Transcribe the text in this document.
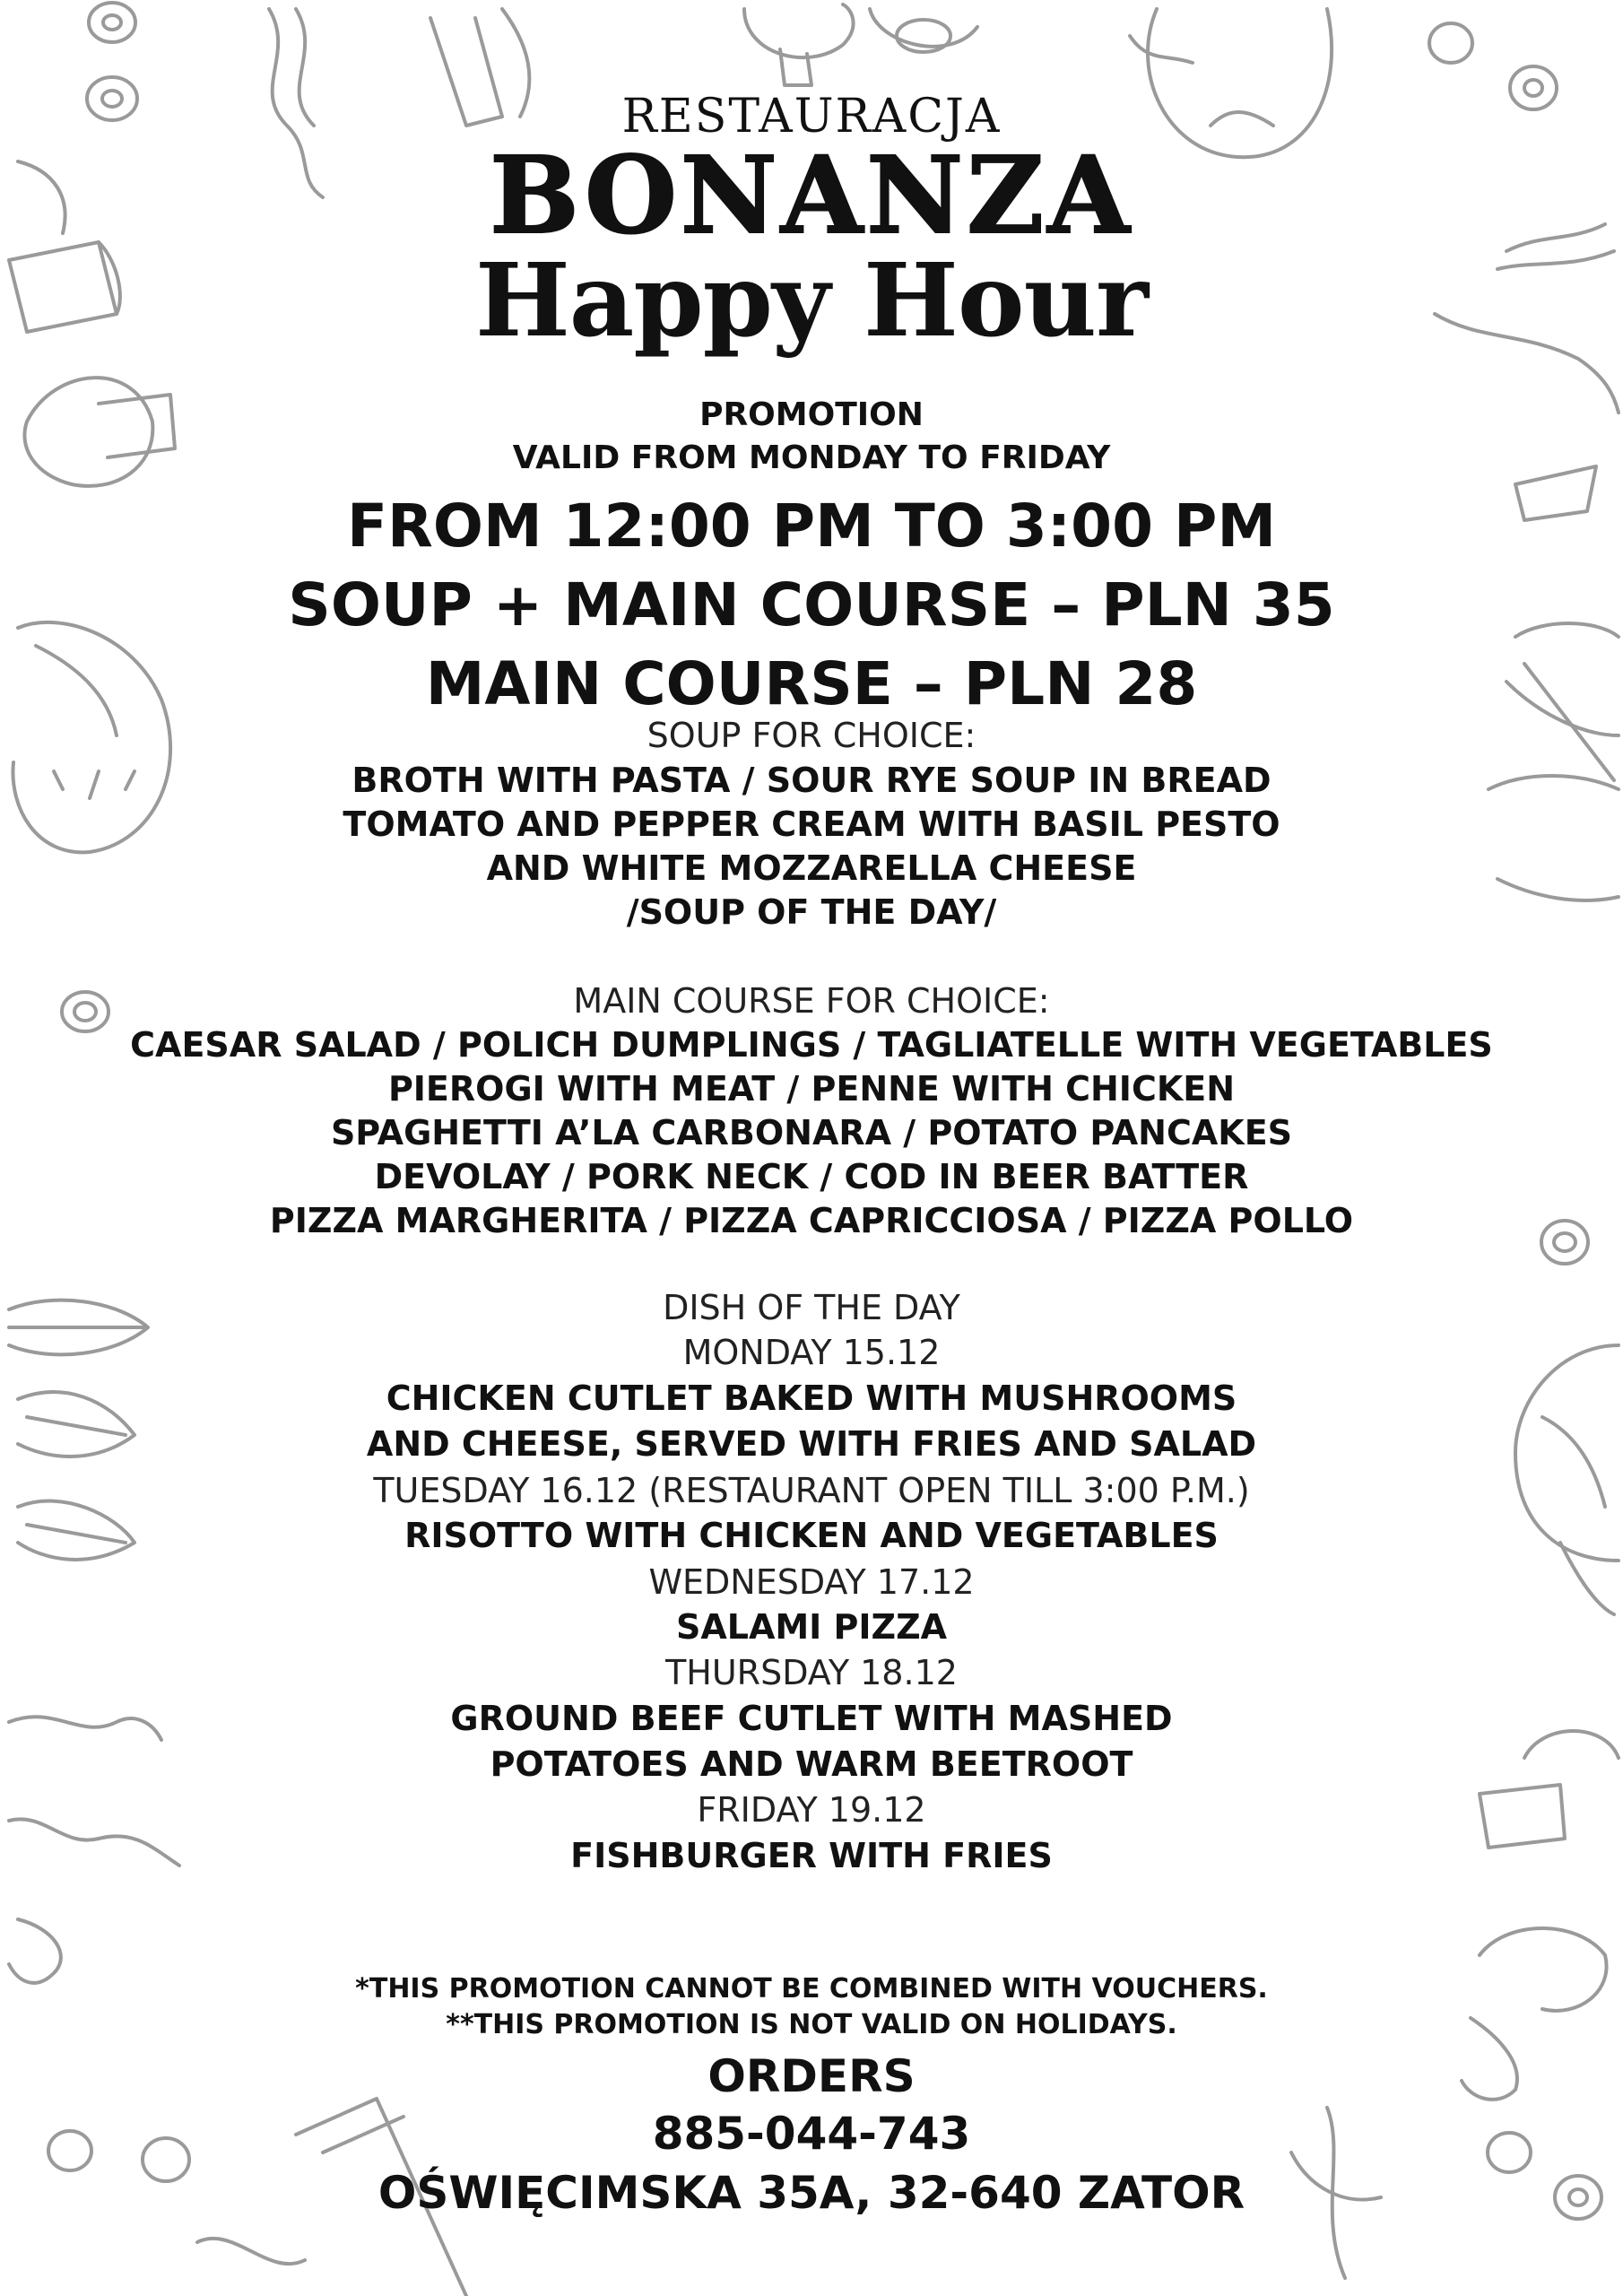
RESTAURACJA
BONANZA
Happy Hour
PROMOTION
VALID FROM MONDAY TO FRIDAY
FROM 12:00 PM TO 3:00 PM
SOUP + MAIN COURSE – PLN 35
MAIN COURSE – PLN 28
SOUP FOR CHOICE:
BROTH WITH PASTA / SOUR RYE SOUP IN BREAD
TOMATO AND PEPPER CREAM WITH BASIL PESTO
AND WHITE MOZZARELLA CHEESE
/SOUP OF THE DAY/
MAIN COURSE FOR CHOICE:
CAESAR SALAD / POLICH DUMPLINGS / TAGLIATELLE WITH VEGETABLES
PIEROGI WITH MEAT / PENNE WITH CHICKEN
SPAGHETTI A’LA CARBONARA / POTATO PANCAKES
DEVOLAY / PORK NECK / COD IN BEER BATTER
PIZZA MARGHERITA / PIZZA CAPRICCIOSA / PIZZA POLLO
DISH OF THE DAY
MONDAY 15.12
CHICKEN CUTLET BAKED WITH MUSHROOMS
AND CHEESE, SERVED WITH FRIES AND SALAD
TUESDAY 16.12 (RESTAURANT OPEN TILL 3:00 P.M.)
RISOTTO WITH CHICKEN AND VEGETABLES
WEDNESDAY 17.12
SALAMI PIZZA
THURSDAY 18.12
GROUND BEEF CUTLET WITH MASHED
POTATOES AND WARM BEETROOT
FRIDAY 19.12
FISHBURGER WITH FRIES
*THIS PROMOTION CANNOT BE COMBINED WITH VOUCHERS.
**THIS PROMOTION IS NOT VALID ON HOLIDAYS.
ORDERS
885-044-743
OŚWIĘCIMSKA 35A, 32-640 ZATOR
